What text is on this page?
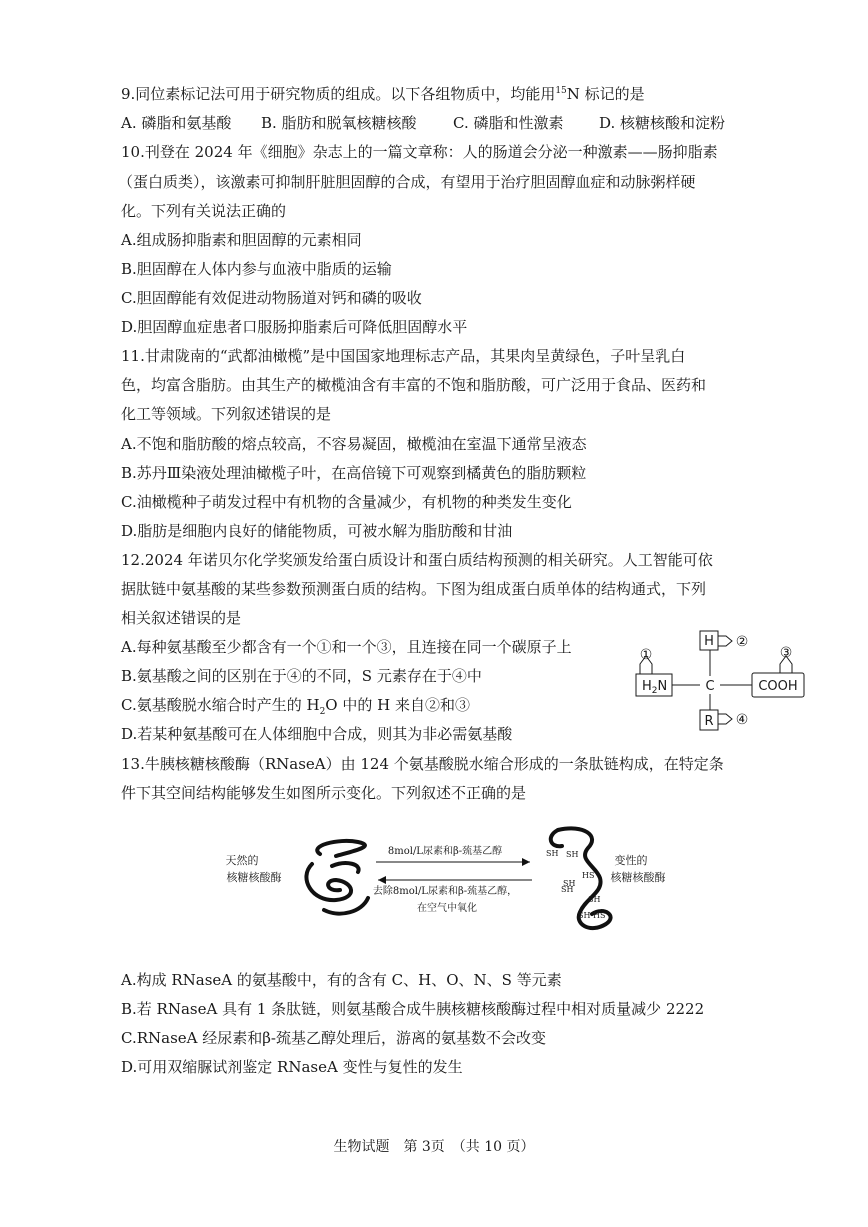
9.同位素标记法可用于研究物质的组成。以下各组物质中，均能用$^{15}$N 标记的是
A. 磷脂和氨基酸 B. 脂肪和脱氧核糖核酸 C. 磷脂和性激素 D. 核糖核酸和淀粉
10.刊登在 2024 年《细胞》杂志上的一篇文章称：人的肠道会分泌一种激素——肠抑脂素
（蛋白质类），该激素可抑制肝脏胆固醇的合成，有望用于治疗胆固醇血症和动脉粥样硬
化。下列有关说法正确的
A.组成肠抑脂素和胆固醇的元素相同
B.胆固醇在人体内参与血液中脂质的运输
C.胆固醇能有效促进动物肠道对钙和磷的吸收
D.胆固醇血症患者口服肠抑脂素后可降低胆固醇水平
11.甘肃陇南的“武都油橄榄”是中国国家地理标志产品，其果肉呈黄绿色，子叶呈乳白
色，均富含脂肪。由其生产的橄榄油含有丰富的不饱和脂肪酸，可广泛用于食品、医药和
化工等领域。下列叙述错误的是
A.不饱和脂肪酸的熔点较高，不容易凝固，橄榄油在室温下通常呈液态
B.苏丹Ⅲ染液处理油橄榄子叶，在高倍镜下可观察到橘黄色的脂肪颗粒
C.油橄榄种子萌发过程中有机物的含量减少，有机物的种类发生变化
D.脂肪是细胞内良好的储能物质，可被水解为脂肪酸和甘油
12.2024 年诺贝尔化学奖颁发给蛋白质设计和蛋白质结构预测的相关研究。人工智能可依
据肽链中氨基酸的某些参数预测蛋白质的结构。下图为组成蛋白质单体的结构通式，下列
相关叙述错误的是
A.每种氨基酸至少都含有一个①和一个③，且连接在同一个碳原子上
B.氨基酸之间的区别在于④的不同，S 元素存在于④中
C.氨基酸脱水缩合时产生的 $H_2O$ 中的 H 来自②和③
D.若某种氨基酸可在人体细胞中合成，则其为非必需氨基酸
H
C	COOH
R
$H_2N$
①
②
③
④
13.牛胰核糖核酸酶（RNaseA）由 124 个氨基酸脱水缩合形成的一条肽链构成，在特定条
件下其空间结构能够发生如图所示变化。下列叙述不正确的是
天然的
核糖核酸酶
变性的
核糖核酸酶
8mol/L尿素和β-巯基乙醇
去除8mol/L尿素和β-巯基乙醇，
在空气中氧化
SH SH
HS
SH
SH
SH
SH HS
A.构成 RNaseA 的氨基酸中，有的含有 C、H、O、N、S 等元素
B.若 RNaseA 具有 1 条肽链，则氨基酸合成牛胰核糖核酸酶过程中相对质量减少 2222
C.RNaseA 经尿素和β-巯基乙醇处理后，游离的氨基数不会改变
D.可用双缩脲试剂鉴定 RNaseA 变性与复性的发生
生物试题　第 3页　（共 10 页）
